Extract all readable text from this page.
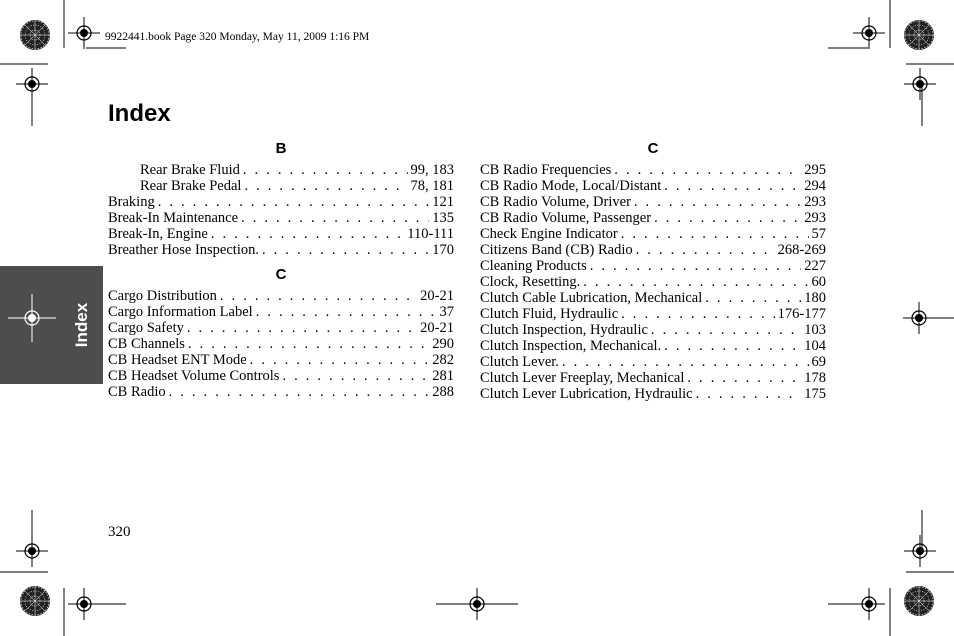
9922441.book Page 320 Monday, May 11, 2009 1:16 PM
Index
Index
B
Rear Brake Fluid . . .	99, 183
Rear Brake Pedal . . .	78, 181
Braking . . .	121
Break-In Maintenance . . .	135
Break-In, Engine . . .	110-111
Breather Hose Inspection. . . .	170
C
Cargo Distribution . . .	20-21
Cargo Information Label . . .	37
Cargo Safety . . .	20-21
CB Channels . . .	290
CB Headset ENT Mode . . .	282
CB Headset Volume Controls . . .	281
CB Radio . . .	288
C
CB Radio Frequencies . . .	295
CB Radio Mode, Local/Distant . . .	294
CB Radio Volume, Driver . . .	293
CB Radio Volume, Passenger . . .	293
Check Engine Indicator . . .	57
Citizens Band (CB) Radio . . .	268-269
Cleaning Products . . .	227
Clock, Resetting. . . .	60
Clutch Cable Lubrication, Mechanical . . .	180
Clutch Fluid, Hydraulic . . .	176-177
Clutch Inspection, Hydraulic . . .	103
Clutch Inspection, Mechanical. . . .	104
Clutch Lever. . . .	69
Clutch Lever Freeplay, Mechanical . . .	178
Clutch Lever Lubrication, Hydraulic . . .	175
320
